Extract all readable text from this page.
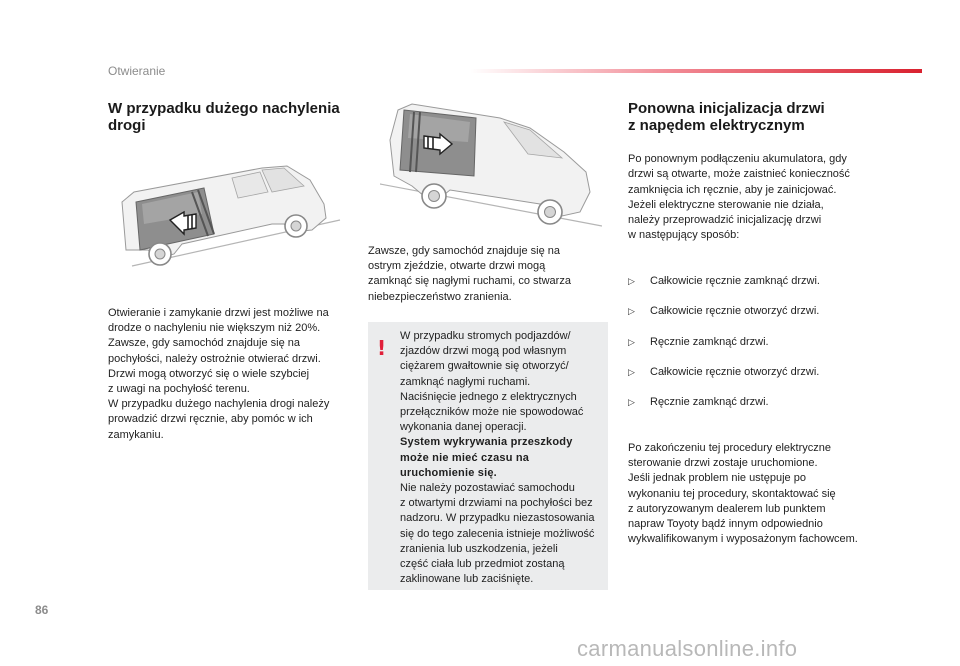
Otwieranie
W przypadku dużego nachylenia
drogi
Otwieranie i zamykanie drzwi jest możliwe na
drodze o nachyleniu nie większym niż 20%.
Zawsze, gdy samochód znajduje się na
pochyłości, należy ostrożnie otwierać drzwi.
Drzwi mogą otworzyć się o wiele szybciej
z uwagi na pochyłość terenu.
W przypadku dużego nachylenia drogi należy
prowadzić drzwi ręcznie, aby pomóc w ich
zamykaniu.
Zawsze, gdy samochód znajduje się na
ostrym zjeździe, otwarte drzwi mogą
zamknąć się nagłymi ruchami, co stwarza
niebezpieczeństwo zranienia.
! W przypadku stromych podjazdów/
zjazdów drzwi mogą pod własnym
ciężarem gwałtownie się otworzyć/
zamknąć nagłymi ruchami.
Naciśnięcie jednego z elektrycznych
przełączników może nie spowodować
wykonania danej operacji.

System wykrywania przeszkody
może nie mieć czasu na
uruchomienie się.

Nie należy pozostawiać samochodu
z otwartymi drzwiami na pochyłości bez
nadzoru. W przypadku niezastosowania
się do tego zalecenia istnieje możliwość
zranienia lub uszkodzenia, jeżeli
część ciała lub przedmiot zostaną
zaklinowane lub zaciśnięte.

Ponowna inicjalizacja drzwi
z napędem elektrycznym

Po ponownym podłączeniu akumulatora, gdy
drzwi są otwarte, może zaistnieć konieczność
zamknięcia ich ręcznie, aby je zainicjować.
Jeżeli elektryczne sterowanie nie działa,
należy przeprowadzić inicjalizację drzwi
w następujący sposób:

▷ Całkowicie ręcznie zamknąć drzwi.

▷ Całkowicie ręcznie otworzyć drzwi.

▷ Ręcznie zamknąć drzwi.

▷ Całkowicie ręcznie otworzyć drzwi.

▷ Ręcznie zamknąć drzwi.

Po zakończeniu tej procedury elektryczne
sterowanie drzwi zostaje uruchomione.
Jeśli jednak problem nie ustępuje po
wykonaniu tej procedury, skontaktować się
z autoryzowanym dealerem lub punktem
napraw Toyoty bądź innym odpowiednio
wykwalifikowanym i wyposażonym fachowcem.

86
carmanualsonline.info
